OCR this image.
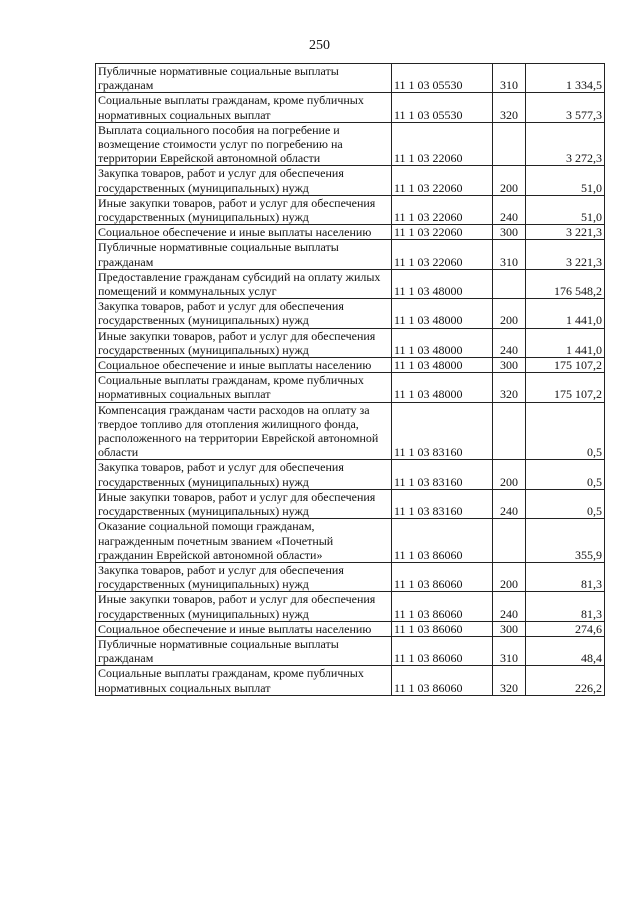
250
Публичные нормативные социальные выплаты гражданам	11 1 03 05530	310	1 334,5
Социальные выплаты гражданам, кроме публичных нормативных социальных выплат	11 1 03 05530	320	3 577,3
Выплата социального пособия на погребение и возмещение стоимости услуг по погребению на территории Еврейской автономной области	11 1 03 22060		3 272,3
Закупка товаров, работ и услуг для обеспечения государственных (муниципальных) нужд	11 1 03 22060	200	51,0
Иные закупки товаров, работ и услуг для обеспечения государственных (муниципальных) нужд	11 1 03 22060	240	51,0
Социальное обеспечение и иные выплаты населению	11 1 03 22060	300	3 221,3
Публичные нормативные социальные выплаты гражданам	11 1 03 22060	310	3 221,3
Предоставление гражданам субсидий на оплату жилых помещений и коммунальных услуг	11 1 03 48000		176 548,2
Закупка товаров, работ и услуг для обеспечения государственных (муниципальных) нужд	11 1 03 48000	200	1 441,0
Иные закупки товаров, работ и услуг для обеспечения государственных (муниципальных) нужд	11 1 03 48000	240	1 441,0
Социальное обеспечение и иные выплаты населению	11 1 03 48000	300	175 107,2
Социальные выплаты гражданам, кроме публичных нормативных социальных выплат	11 1 03 48000	320	175 107,2
Компенсация гражданам части расходов на оплату за твердое топливо для отопления жилищного фонда, расположенного на территории Еврейской автономной области	11 1 03 83160		0,5
Закупка товаров, работ и услуг для обеспечения государственных (муниципальных) нужд	11 1 03 83160	200	0,5
Иные закупки товаров, работ и услуг для обеспечения государственных (муниципальных) нужд	11 1 03 83160	240	0,5
Оказание социальной помощи гражданам, награжденным почетным званием «Почетный гражданин Еврейской автономной области»	11 1 03 86060		355,9
Закупка товаров, работ и услуг для обеспечения государственных (муниципальных) нужд	11 1 03 86060	200	81,3
Иные закупки товаров, работ и услуг для обеспечения государственных (муниципальных) нужд	11 1 03 86060	240	81,3
Социальное обеспечение и иные выплаты населению	11 1 03 86060	300	274,6
Публичные нормативные социальные выплаты гражданам	11 1 03 86060	310	48,4
Социальные выплаты гражданам, кроме публичных нормативных социальных выплат	11 1 03 86060	320	226,2
